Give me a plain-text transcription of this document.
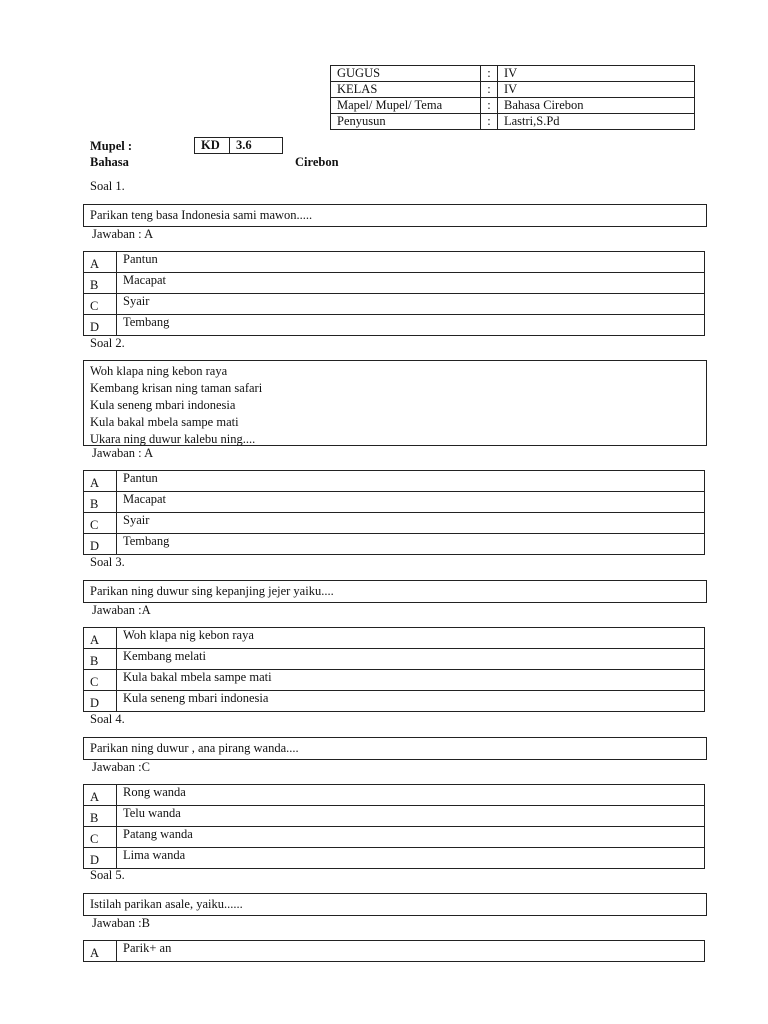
GUGUS	:	IV
KELAS	:	IV
Mapel/ Mupel/ Tema	:	Bahasa Cirebon
Penyusun	:	Lastri,S.Pd
Mupel :	KD	3.6
Bahasa	Cirebon
Soal 1.
Parikan teng basa Indonesia sami mawon.....
Jawaban : A
A	Pantun
B	Macapat
C	Syair
D	Tembang
Soal 2.
Woh klapa ning kebon raya
Kembang krisan ning taman safari
Kula seneng mbari indonesia
Kula bakal mbela sampe mati
Ukara ning duwur kalebu ning....
Jawaban : A
A	Pantun
B	Macapat
C	Syair
D	Tembang
Soal 3.
Parikan ning duwur sing kepanjing jejer yaiku....
Jawaban :A
A	Woh klapa nig kebon raya
B	Kembang melati
C	Kula bakal mbela sampe mati
D	Kula seneng mbari indonesia
Soal 4.
Parikan ning duwur , ana pirang wanda....
Jawaban :C
A	Rong wanda
B	Telu wanda
C	Patang wanda
D	Lima wanda
Soal 5.
Istilah parikan asale, yaiku......
Jawaban :B
A	Parik+ an
